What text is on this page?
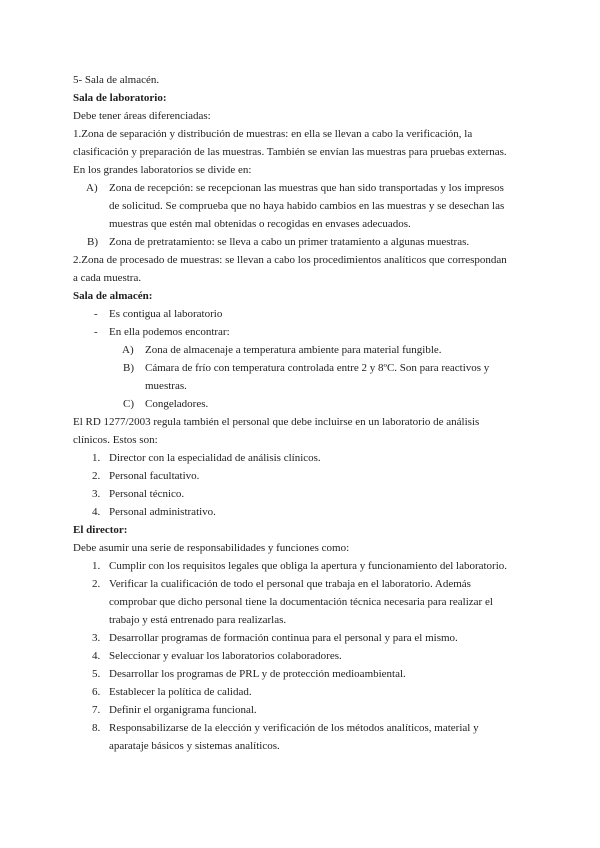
5- Sala de almacén.
Sala de laboratorio:
Debe tener áreas diferenciadas:
1.Zona de separación y distribución de muestras: en ella se llevan a cabo la verificación, la
clasificación y preparación de las muestras. También se envían las muestras para pruebas externas.
En los grandes laboratorios se divide en:
A) Zona de recepción: se recepcionan las muestras que han sido transportadas y los impresos
de solicitud. Se comprueba que no haya habido cambios en las muestras y se desechan las
muestras que estén mal obtenidas o recogidas en envases adecuados.
B) Zona de pretratamiento: se lleva a cabo un primer tratamiento a algunas muestras.
2.Zona de procesado de muestras: se llevan a cabo los procedimientos analíticos que correspondan
a cada muestra.
Sala de almacén:
- Es contigua al laboratorio
- En ella podemos encontrar:
A) Zona de almacenaje a temperatura ambiente para material fungible.
B) Cámara de frío con temperatura controlada entre 2 y 8ºC. Son para reactivos y
muestras.
C) Congeladores.
El RD 1277/2003 regula también el personal que debe incluirse en un laboratorio de análisis
clínicos. Estos son:
1. Director con la especialidad de análisis clínicos.
2. Personal facultativo.
3. Personal técnico.
4. Personal administrativo.
El director:
Debe asumir una serie de responsabilidades y funciones como:
1. Cumplir con los requisitos legales que obliga la apertura y funcionamiento del laboratorio.
2. Verificar la cualificación de todo el personal que trabaja en el laboratorio. Además
comprobar que dicho personal tiene la documentación técnica necesaria para realizar el
trabajo y está entrenado para realizarlas.
3. Desarrollar programas de formación continua para el personal y para el mismo.
4. Seleccionar y evaluar los laboratorios colaboradores.
5. Desarrollar los programas de PRL y de protección medioambiental.
6. Establecer la política de calidad.
7. Definir el organigrama funcional.
8. Responsabilizarse de la elección y verificación de los métodos analíticos, material y
aparataje básicos y sistemas analíticos.
